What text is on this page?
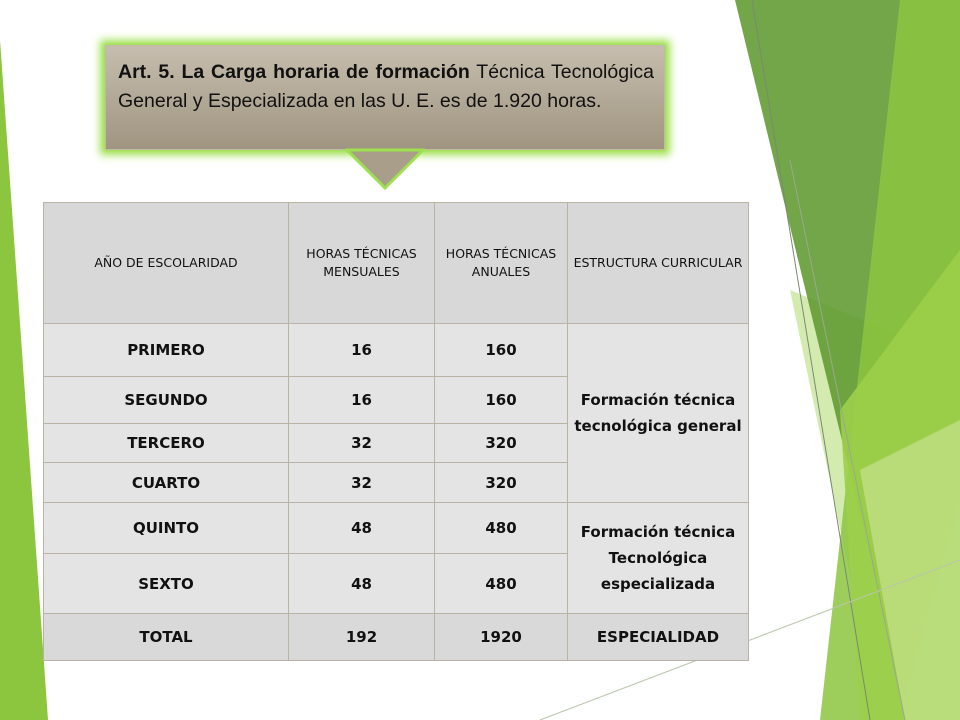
Art. 5. La Carga horaria de formación Técnica Tecnológica General y Especializada en las U. E. es de 1.920 horas.
AÑO DE ESCOLARIDAD	HORAS TÉCNICAS MENSUALES	HORAS TÉCNICAS ANUALES	ESTRUCTURA CURRICULAR
PRIMERO	16	160	Formación técnica tecnológica general
SEGUNDO	16	160	
TERCERO	32	320	
CUARTO	32	320	
QUINTO	48	480	Formación técnica Tecnológica especializada
SEXTO	48	480	
TOTAL	192	1920	ESPECIALIDAD
